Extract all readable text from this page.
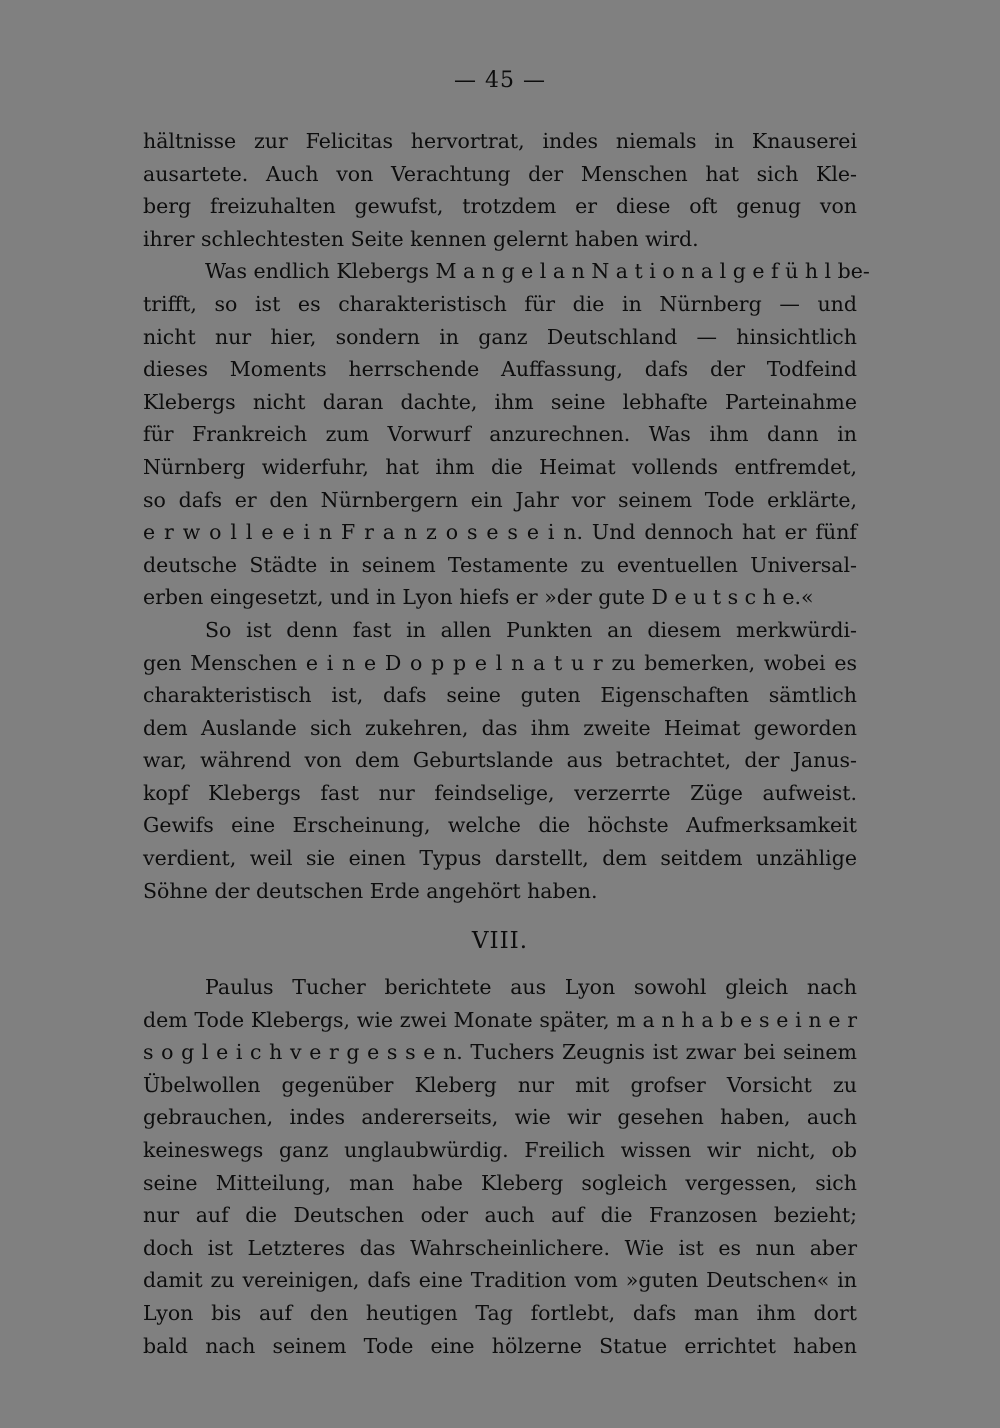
— 45 —
hältnisse zur Felicitas hervortrat, indes niemals in Knauserei
ausartete. Auch von Verachtung der Menschen hat sich Kle-
berg freizuhalten gewufst, trotzdem er diese oft genug von
ihrer schlechtesten Seite kennen gelernt haben wird.
Was endlich Klebergs M a n g e l a n N a t i o n a l g e f ü h l be-
trifft, so ist es charakteristisch für die in Nürnberg — und
nicht nur hier, sondern in ganz Deutschland — hinsichtlich
dieses Moments herrschende Auffassung, dafs der Todfeind
Klebergs nicht daran dachte, ihm seine lebhafte Parteinahme
für Frankreich zum Vorwurf anzurechnen. Was ihm dann in
Nürnberg widerfuhr, hat ihm die Heimat vollends entfremdet,
so dafs er den Nürnbergern ein Jahr vor seinem Tode erklärte,
e r w o l l e e i n F r a n z o s e s e i n. Und dennoch hat er fünf
deutsche Städte in seinem Testamente zu eventuellen Universal-
erben eingesetzt, und in Lyon hiefs er »der gute D e u t s c h e.«
So ist denn fast in allen Punkten an diesem merkwürdi-
gen Menschen e i n e D o p p e l n a t u r zu bemerken, wobei es
charakteristisch ist, dafs seine guten Eigenschaften sämtlich
dem Auslande sich zukehren, das ihm zweite Heimat geworden
war, während von dem Geburtslande aus betrachtet, der Janus-
kopf Klebergs fast nur feindselige, verzerrte Züge aufweist.
Gewifs eine Erscheinung, welche die höchste Aufmerksamkeit
verdient, weil sie einen Typus darstellt, dem seitdem unzählige
Söhne der deutschen Erde angehört haben.
VIII.
Paulus Tucher berichtete aus Lyon sowohl gleich nach
dem Tode Klebergs, wie zwei Monate später, m a n h a b e s e i n e r
s o g l e i c h v e r g e s s e n. Tuchers Zeugnis ist zwar bei seinem
Übelwollen gegenüber Kleberg nur mit grofser Vorsicht zu
gebrauchen, indes andererseits, wie wir gesehen haben, auch
keineswegs ganz unglaubwürdig. Freilich wissen wir nicht, ob
seine Mitteilung, man habe Kleberg sogleich vergessen, sich
nur auf die Deutschen oder auch auf die Franzosen bezieht;
doch ist Letzteres das Wahrscheinlichere. Wie ist es nun aber
damit zu vereinigen, dafs eine Tradition vom »guten Deutschen« in
Lyon bis auf den heutigen Tag fortlebt, dafs man ihm dort
bald nach seinem Tode eine hölzerne Statue errichtet haben
